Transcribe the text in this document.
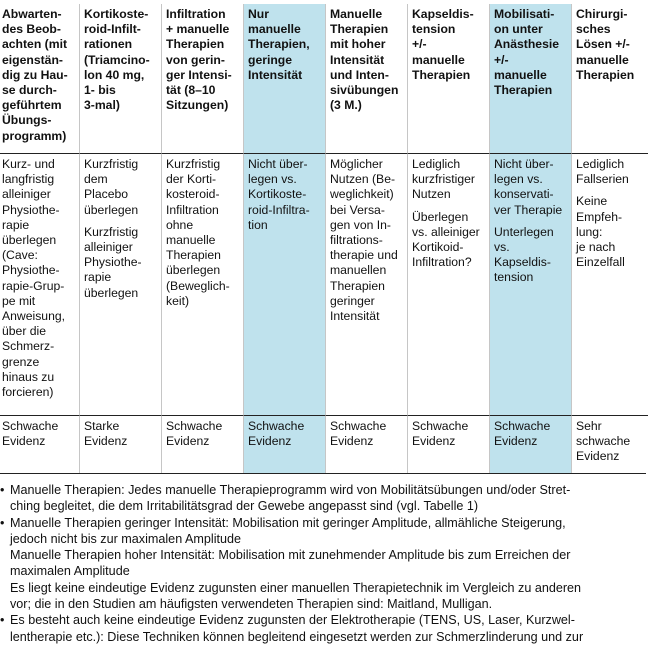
Abwarten-
des Beob-
achten (mit
eigenstän-
dig zu Hau-
se durch-
geführtem
Übungs-
programm)
Kortikoste-
roid-Infilt-
rationen
(Triamcino-
lon 40 mg,
1- bis
3-mal)
Infiltration
+ manuelle
Therapien
von gerin-
ger Intensi-
tät (8–10
Sitzungen)
Nur
manuelle
Therapien,
geringe
Intensität
Manuelle
Therapien
mit hoher
Intensität
und Inten-
sivübungen
(3 M.)
Kapseldis-
tension
+/-
manuelle
Therapien
Mobilisati-
on unter
Anästhesie
+/-
manuelle
Therapien
Chirurgi-
sches
Lösen +/-
manuelle
Therapien
Kurz- und
langfristig
alleiniger
Physiothe-
rapie
überlegen
(Cave:
Physiothe-
rapie-Grup-
pe mit
Anweisung,
über die
Schmerz-
grenze
hinaus zu
forcieren)
Kurzfristig
dem
Placebo
überlegen
Kurzfristig
alleiniger
Physiothe-
rapie
überlegen
Kurzfristig
der Korti-
kosteroid-
Infiltration
ohne
manuelle
Therapien
überlegen
(Beweglich-
keit)
Nicht über-
legen vs.
Kortikoste-
roid-Infiltra-
tion
Möglicher
Nutzen (Be-
weglichkeit)
bei Versa-
gen von In-
filtrations-
therapie und
manuellen
Therapien
geringer
Intensität
Lediglich
kurzfristiger
Nutzen
Überlegen
vs. alleiniger
Kortikoid-
Infiltration?
Nicht über-
legen vs.
konservati-
ver Therapie
Unterlegen
vs.
Kapseldis-
tension
Lediglich
Fallserien
Keine
Empfeh-
lung:
je nach
Einzelfall
Schwache
Evidenz
Starke
Evidenz
Schwache
Evidenz
Schwache
Evidenz
Schwache
Evidenz
Schwache
Evidenz
Schwache
Evidenz
Sehr
schwache
Evidenz
• Manuelle Therapien: Jedes manuelle Therapieprogramm wird von Mobilitätsübungen und/oder Stret-
ching begleitet, die dem Irritabilitätsgrad der Gewebe angepasst sind (vgl. Tabelle 1)
• Manuelle Therapien geringer Intensität: Mobilisation mit geringer Amplitude, allmähliche Steigerung,
jedoch nicht bis zur maximalen Amplitude
Manuelle Therapien hoher Intensität: Mobilisation mit zunehmender Amplitude bis zum Erreichen der
maximalen Amplitude
Es liegt keine eindeutige Evidenz zugunsten einer manuellen Therapietechnik im Vergleich zu anderen
vor; die in den Studien am häufigsten verwendeten Therapien sind: Maitland, Mulligan.
• Es besteht auch keine eindeutige Evidenz zugunsten der Elektrotherapie (TENS, US, Laser, Kurzwel-
lentherapie etc.): Diese Techniken können begleitend eingesetzt werden zur Schmerzlinderung und zur
